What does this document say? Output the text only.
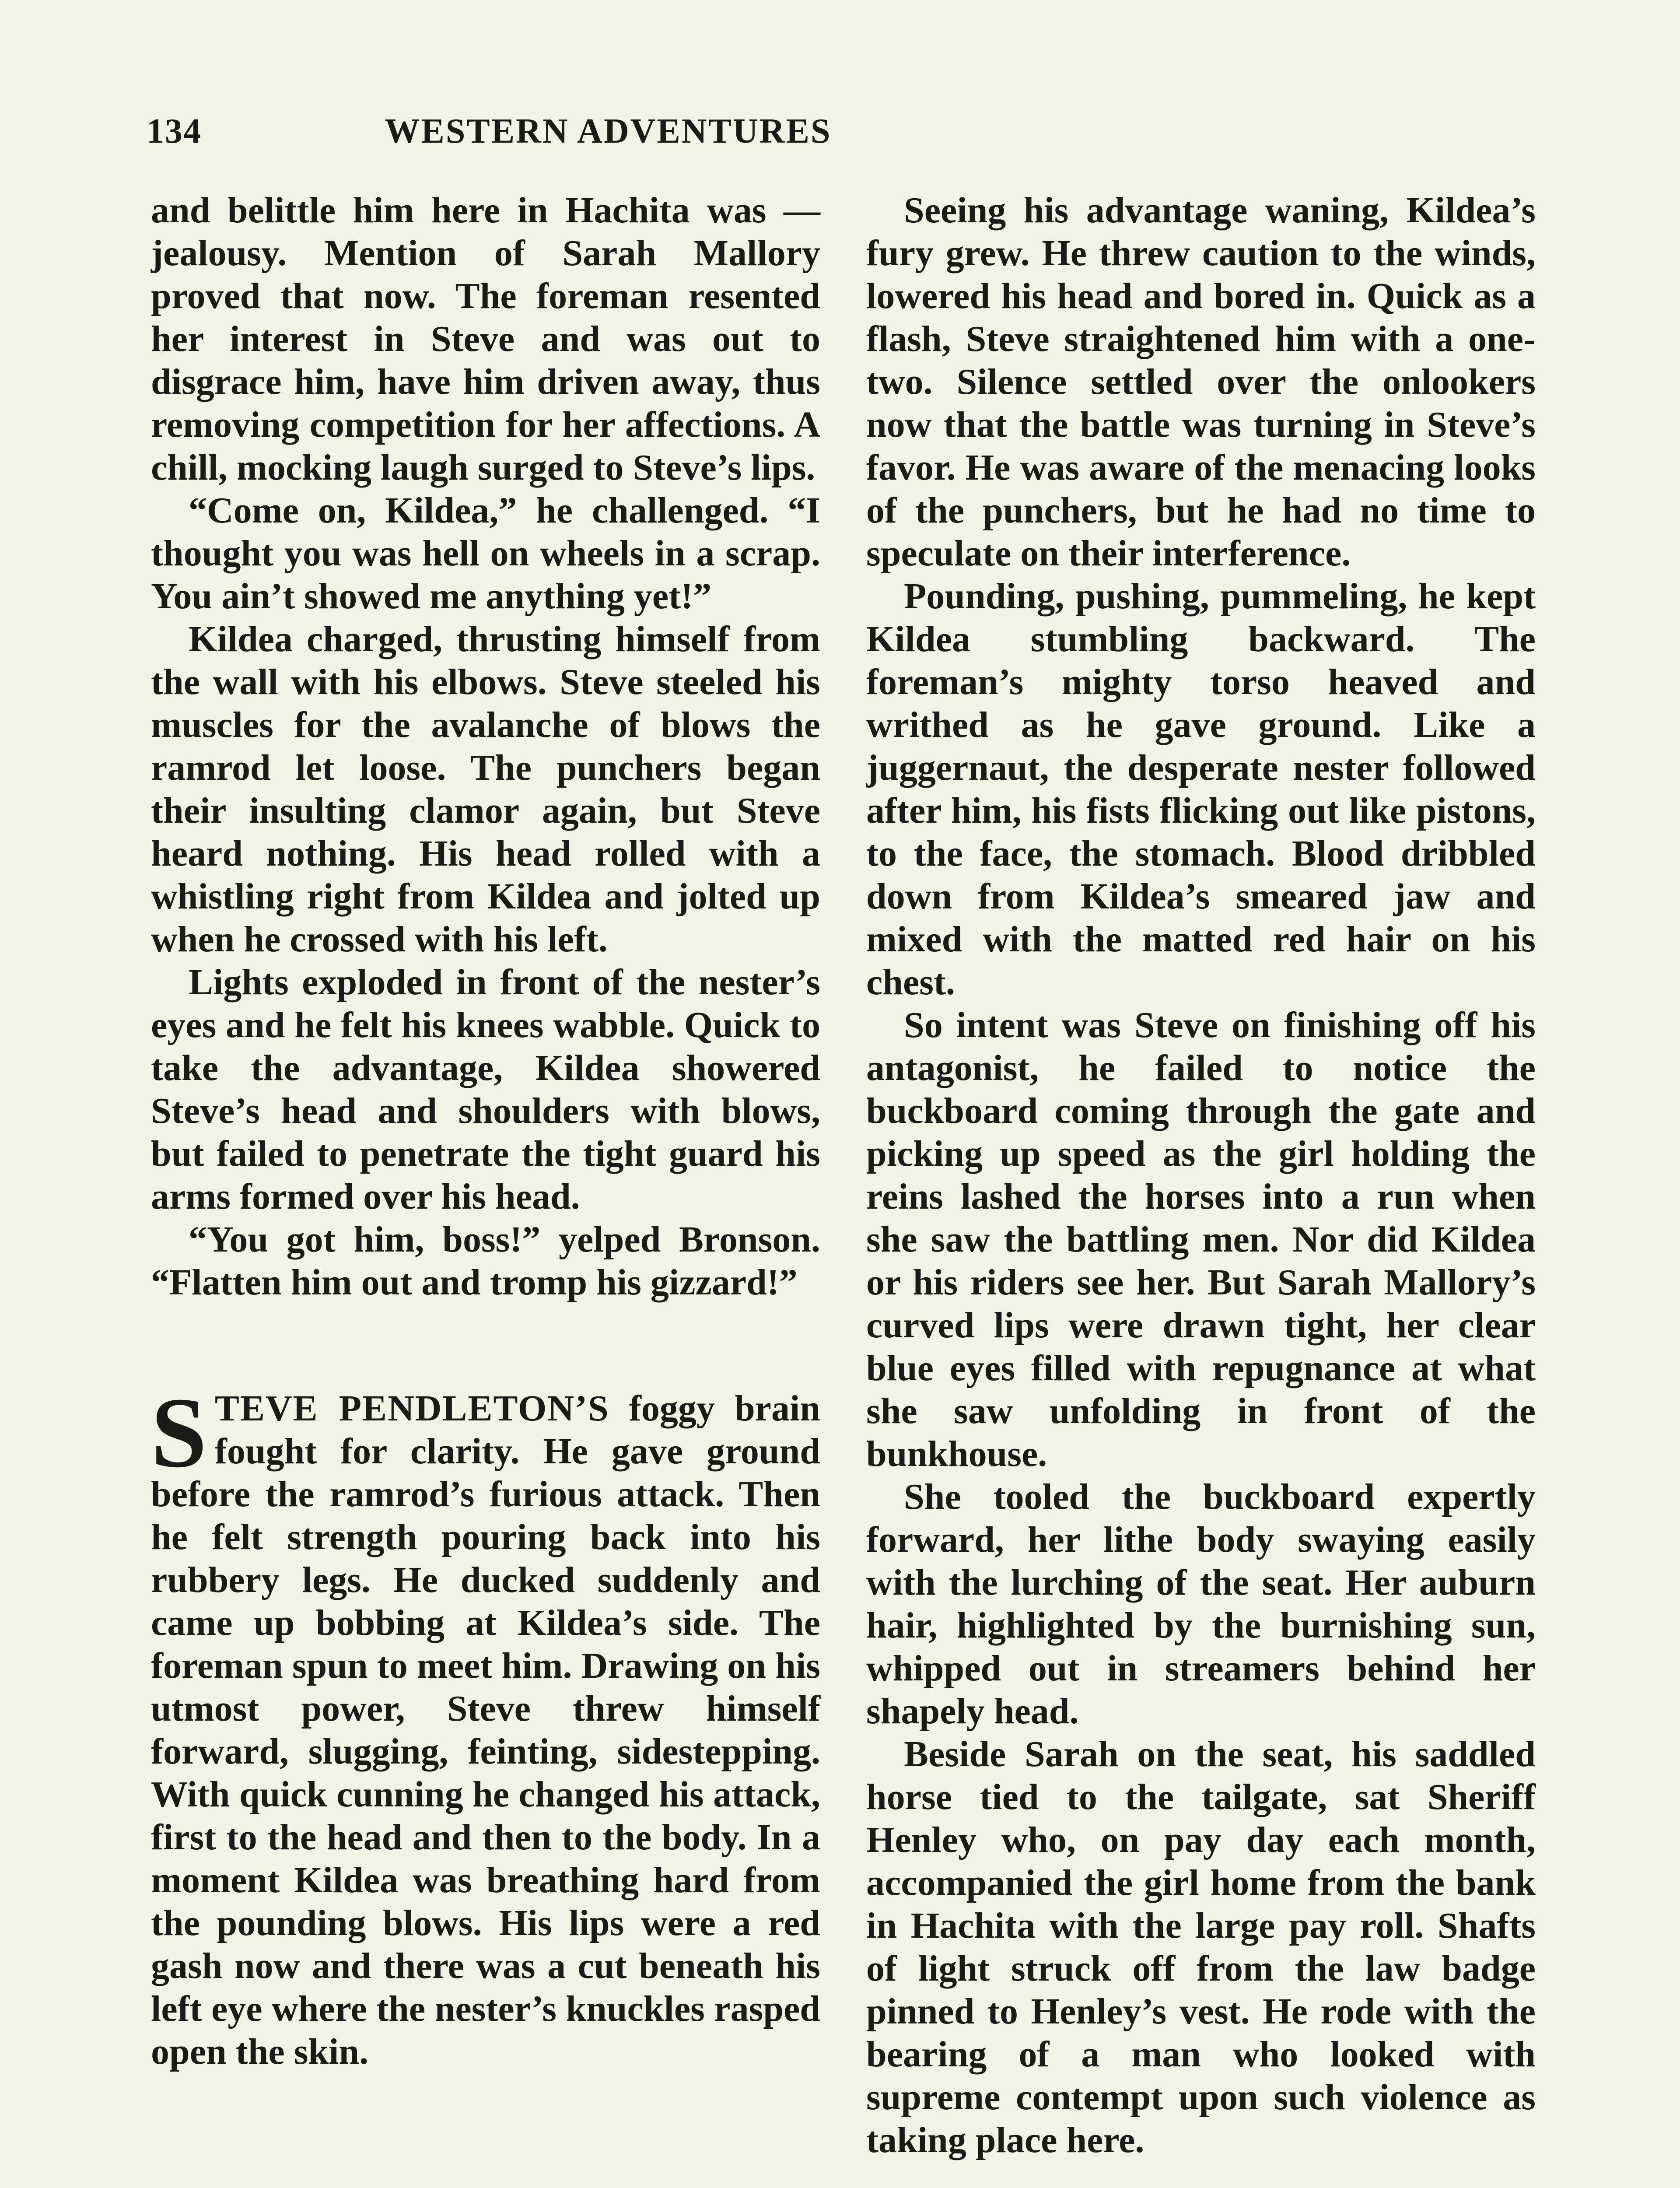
134	WESTERN ADVENTURES

and belittle him here in Hachita was —jealousy. Mention of Sarah Mallory proved that now. The foreman resented her interest in Steve and was out to disgrace him, have him driven away, thus removing competition for her affections. A chill, mocking laugh surged to Steve’s lips.

“Come on, Kildea,” he challenged. “I thought you was hell on wheels in a scrap. You ain’t showed me anything yet!”

Kildea charged, thrusting himself from the wall with his elbows. Steve steeled his muscles for the avalanche of blows the ramrod let loose. The punchers began their insulting clamor again, but Steve heard nothing. His head rolled with a whistling right from Kildea and jolted up when he crossed with his left.

Lights exploded in front of the nester’s eyes and he felt his knees wabble. Quick to take the advantage, Kildea showered Steve’s head and shoulders with blows, but failed to penetrate the tight guard his arms formed over his head.

“You got him, boss!” yelped Bronson. “Flatten him out and tromp his gizzard!”

STEVE PENDLETON’S foggy brain fought for clarity. He gave ground before the ramrod’s furious attack. Then he felt strength pouring back into his rubbery legs. He ducked suddenly and came up bobbing at Kildea’s side. The foreman spun to meet him. Drawing on his utmost power, Steve threw himself forward, slugging, feinting, sidestepping. With quick cunning he changed his attack, first to the head and then to the body. In a moment Kildea was breathing hard from the pounding blows. His lips were a red gash now and there was a cut beneath his left eye where the nester’s knuckles rasped open the skin.

Seeing his advantage waning, Kildea’s fury grew. He threw caution to the winds, lowered his head and bored in. Quick as a flash, Steve straightened him with a one-two. Silence settled over the onlookers now that the battle was turning in Steve’s favor. He was aware of the menacing looks of the punchers, but he had no time to speculate on their interference.

Pounding, pushing, pummeling, he kept Kildea stumbling backward. The foreman’s mighty torso heaved and writhed as he gave ground. Like a juggernaut, the desperate nester followed after him, his fists flicking out like pistons, to the face, the stomach. Blood dribbled down from Kildea’s smeared jaw and mixed with the matted red hair on his chest.

So intent was Steve on finishing off his antagonist, he failed to notice the buckboard coming through the gate and picking up speed as the girl holding the reins lashed the horses into a run when she saw the battling men. Nor did Kildea or his riders see her. But Sarah Mallory’s curved lips were drawn tight, her clear blue eyes filled with repugnance at what she saw unfolding in front of the bunkhouse.

She tooled the buckboard expertly forward, her lithe body swaying easily with the lurching of the seat. Her auburn hair, highlighted by the burnishing sun, whipped out in streamers behind her shapely head.

Beside Sarah on the seat, his saddled horse tied to the tailgate, sat Sheriff Henley who, on pay day each month, accompanied the girl home from the bank in Hachita with the large pay roll. Shafts of light struck off from the law badge pinned to Henley’s vest. He rode with the bearing of a man who looked with supreme contempt upon such violence as taking place here.
